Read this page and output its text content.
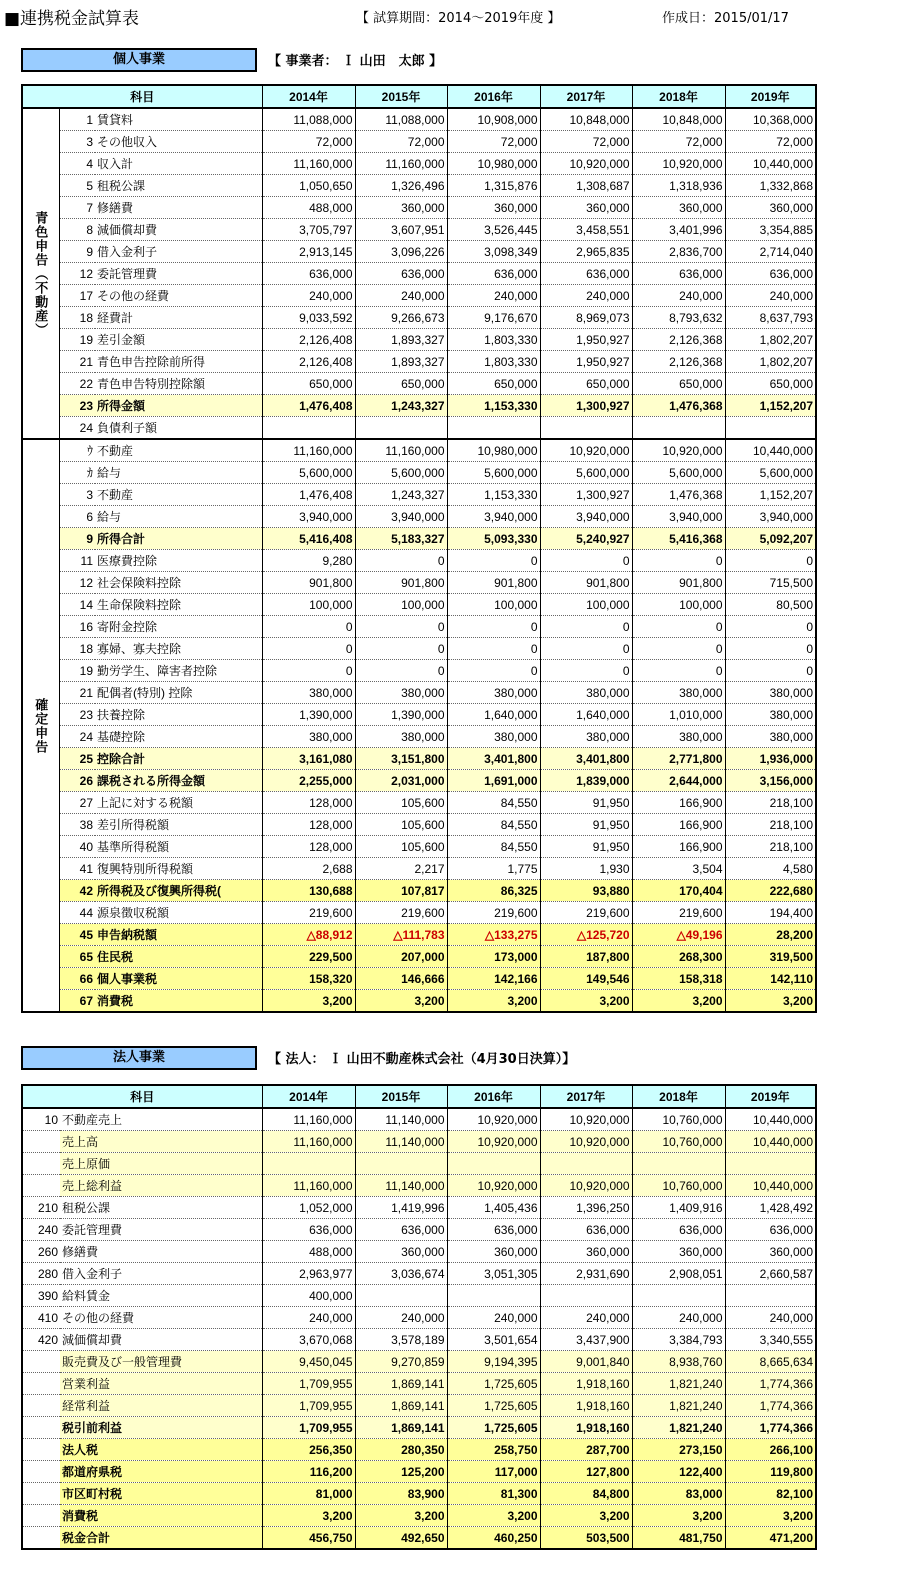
■連携税金試算表	【 試算期間：2014～2019年度 】	作成日：2015/01/17
個人事業	【 事業者： Ｉ 山田　太郎 】
科目			2014年	2015年	2016年	2017年	2018年	2019年
青色申告（不動産）	1	賃貸料	11,088,000	11,088,000	10,908,000	10,848,000	10,848,000	10,368,000
	3	その他収入	72,000	72,000	72,000	72,000	72,000	72,000
	4	収入計	11,160,000	11,160,000	10,980,000	10,920,000	10,920,000	10,440,000
	5	租税公課	1,050,650	1,326,496	1,315,876	1,308,687	1,318,936	1,332,868
	7	修繕費	488,000	360,000	360,000	360,000	360,000	360,000
	8	減価償却費	3,705,797	3,607,951	3,526,445	3,458,551	3,401,996	3,354,885
	9	借入金利子	2,913,145	3,096,226	3,098,349	2,965,835	2,836,700	2,714,040
	12	委託管理費	636,000	636,000	636,000	636,000	636,000	636,000
	17	その他の経費	240,000	240,000	240,000	240,000	240,000	240,000
	18	経費計	9,033,592	9,266,673	9,176,670	8,969,073	8,793,632	8,637,793
	19	差引金額	2,126,408	1,893,327	1,803,330	1,950,927	2,126,368	1,802,207
	21	青色申告控除前所得	2,126,408	1,893,327	1,803,330	1,950,927	2,126,368	1,802,207
	22	青色申告特別控除額	650,000	650,000	650,000	650,000	650,000	650,000
	23	所得金額	1,476,408	1,243,327	1,153,330	1,300,927	1,476,368	1,152,207
	24	負債利子額						
確定申告	ｳ	不動産	11,160,000	11,160,000	10,980,000	10,920,000	10,920,000	10,440,000
	ｶ	給与	5,600,000	5,600,000	5,600,000	5,600,000	5,600,000	5,600,000
	3	不動産	1,476,408	1,243,327	1,153,330	1,300,927	1,476,368	1,152,207
	6	給与	3,940,000	3,940,000	3,940,000	3,940,000	3,940,000	3,940,000
	9	所得合計	5,416,408	5,183,327	5,093,330	5,240,927	5,416,368	5,092,207
	11	医療費控除	9,280	0	0	0	0	0
	12	社会保険料控除	901,800	901,800	901,800	901,800	901,800	715,500
	14	生命保険料控除	100,000	100,000	100,000	100,000	100,000	80,500
	16	寄附金控除	0	0	0	0	0	0
	18	寡婦、寡夫控除	0	0	0	0	0	0
	19	勤労学生、障害者控除	0	0	0	0	0	0
	21	配偶者(特別) 控除	380,000	380,000	380,000	380,000	380,000	380,000
	23	扶養控除	1,390,000	1,390,000	1,640,000	1,640,000	1,010,000	380,000
	24	基礎控除	380,000	380,000	380,000	380,000	380,000	380,000
	25	控除合計	3,161,080	3,151,800	3,401,800	3,401,800	2,771,800	1,936,000
	26	課税される所得金額	2,255,000	2,031,000	1,691,000	1,839,000	2,644,000	3,156,000
	27	上記に対する税額	128,000	105,600	84,550	91,950	166,900	218,100
	38	差引所得税額	128,000	105,600	84,550	91,950	166,900	218,100
	40	基準所得税額	128,000	105,600	84,550	91,950	166,900	218,100
	41	復興特別所得税額	2,688	2,217	1,775	1,930	3,504	4,580
	42	所得税及び復興所得税(	130,688	107,817	86,325	93,880	170,404	222,680
	44	源泉徴収税額	219,600	219,600	219,600	219,600	219,600	194,400
	45	申告納税額	△88,912	△111,783	△133,275	△125,720	△49,196	28,200
	65	住民税	229,500	207,000	173,000	187,800	268,300	319,500
	66	個人事業税	158,320	146,666	142,166	149,546	158,318	142,110
	67	消費税	3,200	3,200	3,200	3,200	3,200	3,200
法人事業	【 法人： Ｉ 山田不動産株式会社（4月30日決算）】
科目		2014年	2015年	2016年	2017年	2018年	2019年
10	不動産売上	11,160,000	11,140,000	10,920,000	10,920,000	10,760,000	10,440,000
	売上高	11,160,000	11,140,000	10,920,000	10,920,000	10,760,000	10,440,000
	売上原価						
	売上総利益	11,160,000	11,140,000	10,920,000	10,920,000	10,760,000	10,440,000
210	租税公課	1,052,000	1,419,996	1,405,436	1,396,250	1,409,916	1,428,492
240	委託管理費	636,000	636,000	636,000	636,000	636,000	636,000
260	修繕費	488,000	360,000	360,000	360,000	360,000	360,000
280	借入金利子	2,963,977	3,036,674	3,051,305	2,931,690	2,908,051	2,660,587
390	給料賃金	400,000					
410	その他の経費	240,000	240,000	240,000	240,000	240,000	240,000
420	減価償却費	3,670,068	3,578,189	3,501,654	3,437,900	3,384,793	3,340,555
	販売費及び一般管理費	9,450,045	9,270,859	9,194,395	9,001,840	8,938,760	8,665,634
	営業利益	1,709,955	1,869,141	1,725,605	1,918,160	1,821,240	1,774,366
	経常利益	1,709,955	1,869,141	1,725,605	1,918,160	1,821,240	1,774,366
	税引前利益	1,709,955	1,869,141	1,725,605	1,918,160	1,821,240	1,774,366
	法人税	256,350	280,350	258,750	287,700	273,150	266,100
	都道府県税	116,200	125,200	117,000	127,800	122,400	119,800
	市区町村税	81,000	83,900	81,300	84,800	83,000	82,100
	消費税	3,200	3,200	3,200	3,200	3,200	3,200
	税金合計	456,750	492,650	460,250	503,500	481,750	471,200
